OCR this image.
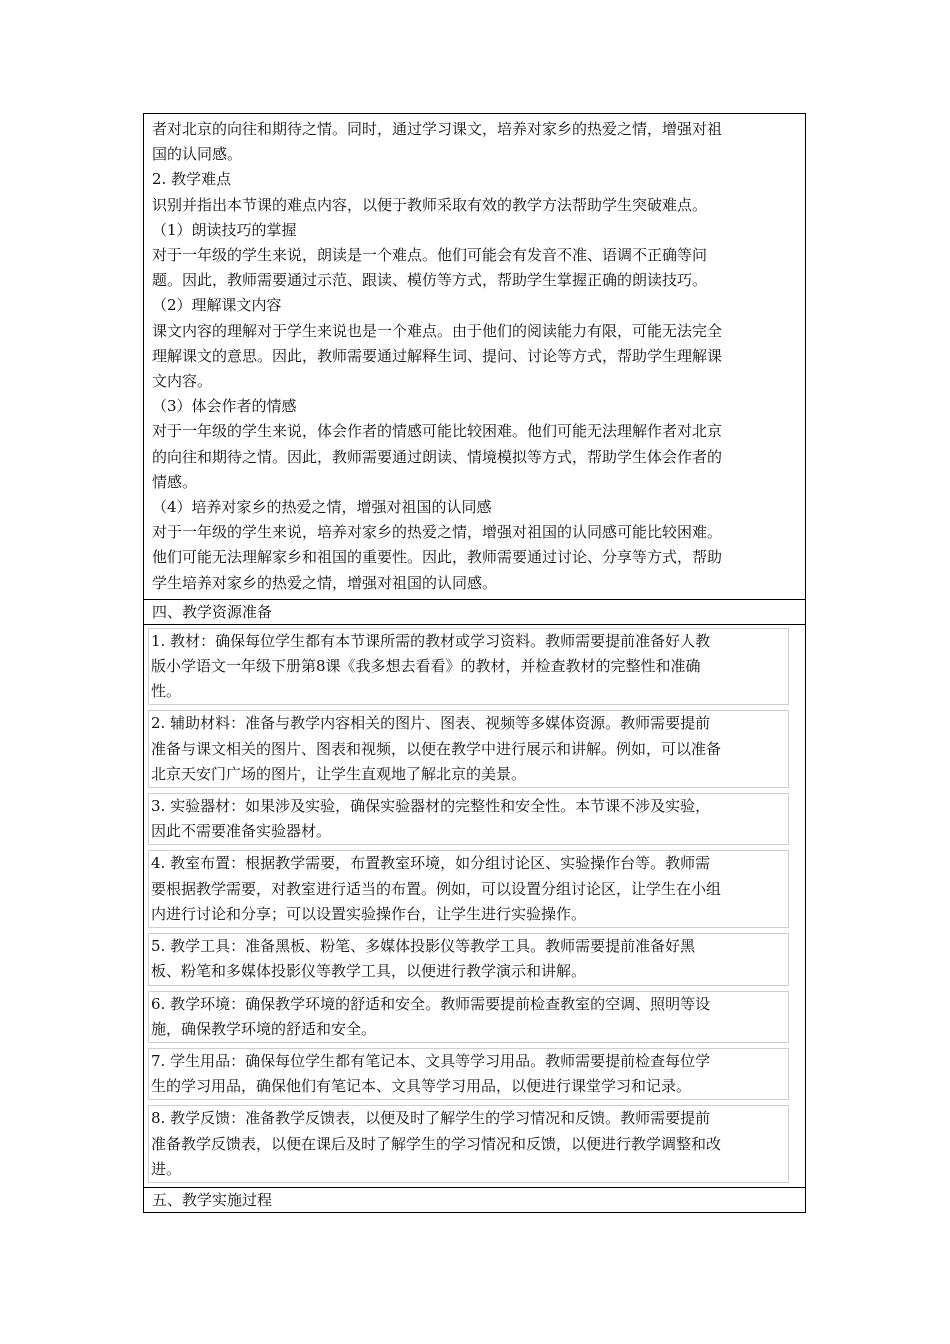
者对北京的向往和期待之情。同时，通过学习课文，培养对家乡的热爱之情，增强对祖
国的认同感。
2. 教学难点
识别并指出本节课的难点内容，以便于教师采取有效的教学方法帮助学生突破难点。
（1）朗读技巧的掌握
对于一年级的学生来说，朗读是一个难点。他们可能会有发音不准、语调不正确等问
题。因此，教师需要通过示范、跟读、模仿等方式，帮助学生掌握正确的朗读技巧。
（2）理解课文内容
课文内容的理解对于学生来说也是一个难点。由于他们的阅读能力有限，可能无法完全
理解课文的意思。因此，教师需要通过解释生词、提问、讨论等方式，帮助学生理解课
文内容。
（3）体会作者的情感
对于一年级的学生来说，体会作者的情感可能比较困难。他们可能无法理解作者对北京
的向往和期待之情。因此，教师需要通过朗读、情境模拟等方式，帮助学生体会作者的
情感。
（4）培养对家乡的热爱之情，增强对祖国的认同感
对于一年级的学生来说，培养对家乡的热爱之情，增强对祖国的认同感可能比较困难。
他们可能无法理解家乡和祖国的重要性。因此，教师需要通过讨论、分享等方式，帮助
学生培养对家乡的热爱之情，增强对祖国的认同感。

四、教学资源准备

1. 教材：确保每位学生都有本节课所需的教材或学习资料。教师需要提前准备好人教
版小学语文一年级下册第8课《我多想去看看》的教材，并检查教材的完整性和准确
性。
2. 辅助材料：准备与教学内容相关的图片、图表、视频等多媒体资源。教师需要提前
准备与课文相关的图片、图表和视频，以便在教学中进行展示和讲解。例如，可以准备
北京天安门广场的图片，让学生直观地了解北京的美景。
3. 实验器材：如果涉及实验，确保实验器材的完整性和安全性。本节课不涉及实验，
因此不需要准备实验器材。
4. 教室布置：根据教学需要，布置教室环境，如分组讨论区、实验操作台等。教师需
要根据教学需要，对教室进行适当的布置。例如，可以设置分组讨论区，让学生在小组
内进行讨论和分享；可以设置实验操作台，让学生进行实验操作。
5. 教学工具：准备黑板、粉笔、多媒体投影仪等教学工具。教师需要提前准备好黑
板、粉笔和多媒体投影仪等教学工具，以便进行教学演示和讲解。
6. 教学环境：确保教学环境的舒适和安全。教师需要提前检查教室的空调、照明等设
施，确保教学环境的舒适和安全。
7. 学生用品：确保每位学生都有笔记本、文具等学习用品。教师需要提前检查每位学
生的学习用品，确保他们有笔记本、文具等学习用品，以便进行课堂学习和记录。
8. 教学反馈：准备教学反馈表，以便及时了解学生的学习情况和反馈。教师需要提前
准备教学反馈表，以便在课后及时了解学生的学习情况和反馈，以便进行教学调整和改
进。

五、教学实施过程
